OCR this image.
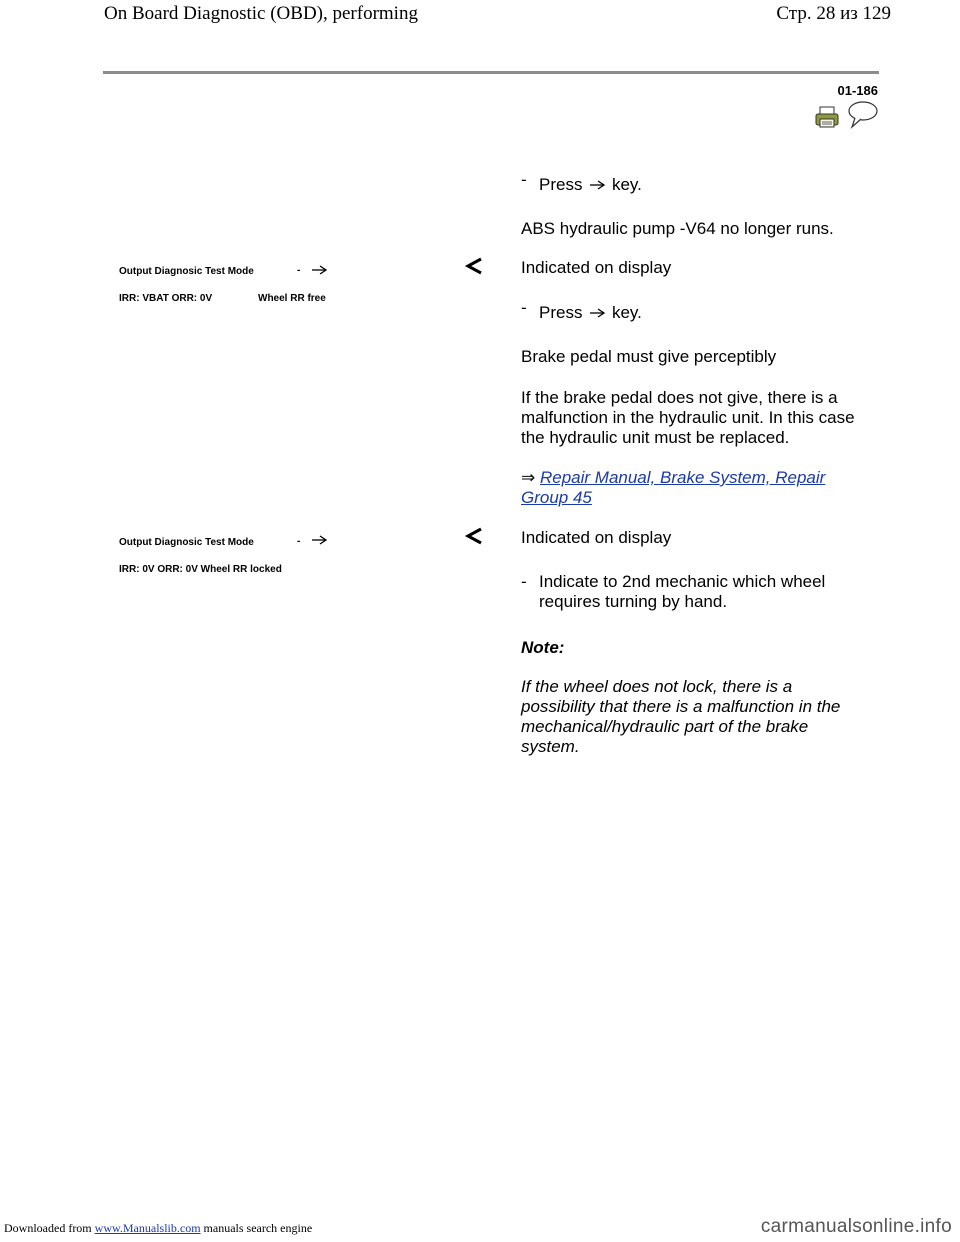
On Board Diagnostic (OBD), performing	Стр. 28 из 129
01-186
- Press key.
ABS hydraulic pump -V64 no longer runs.
Output Diagnosic Test Mode	-
IRR: VBAT ORR: 0V	Wheel RR free
Indicated on display
- Press key.
Brake pedal must give perceptibly
If the brake pedal does not give, there is a malfunction in the hydraulic unit. In this case the hydraulic unit must be replaced.
⇒ Repair Manual, Brake System, Repair Group 45
Output Diagnosic Test Mode	-
IRR: 0V ORR: 0V Wheel RR locked
Indicated on display
- Indicate to 2nd mechanic which wheel requires turning by hand.
Note:
If the wheel does not lock, there is a possibility that there is a malfunction in the mechanical/hydraulic part of the brake system.
Downloaded from www.Manualslib.com manuals search engine	carmanualsonline.info
